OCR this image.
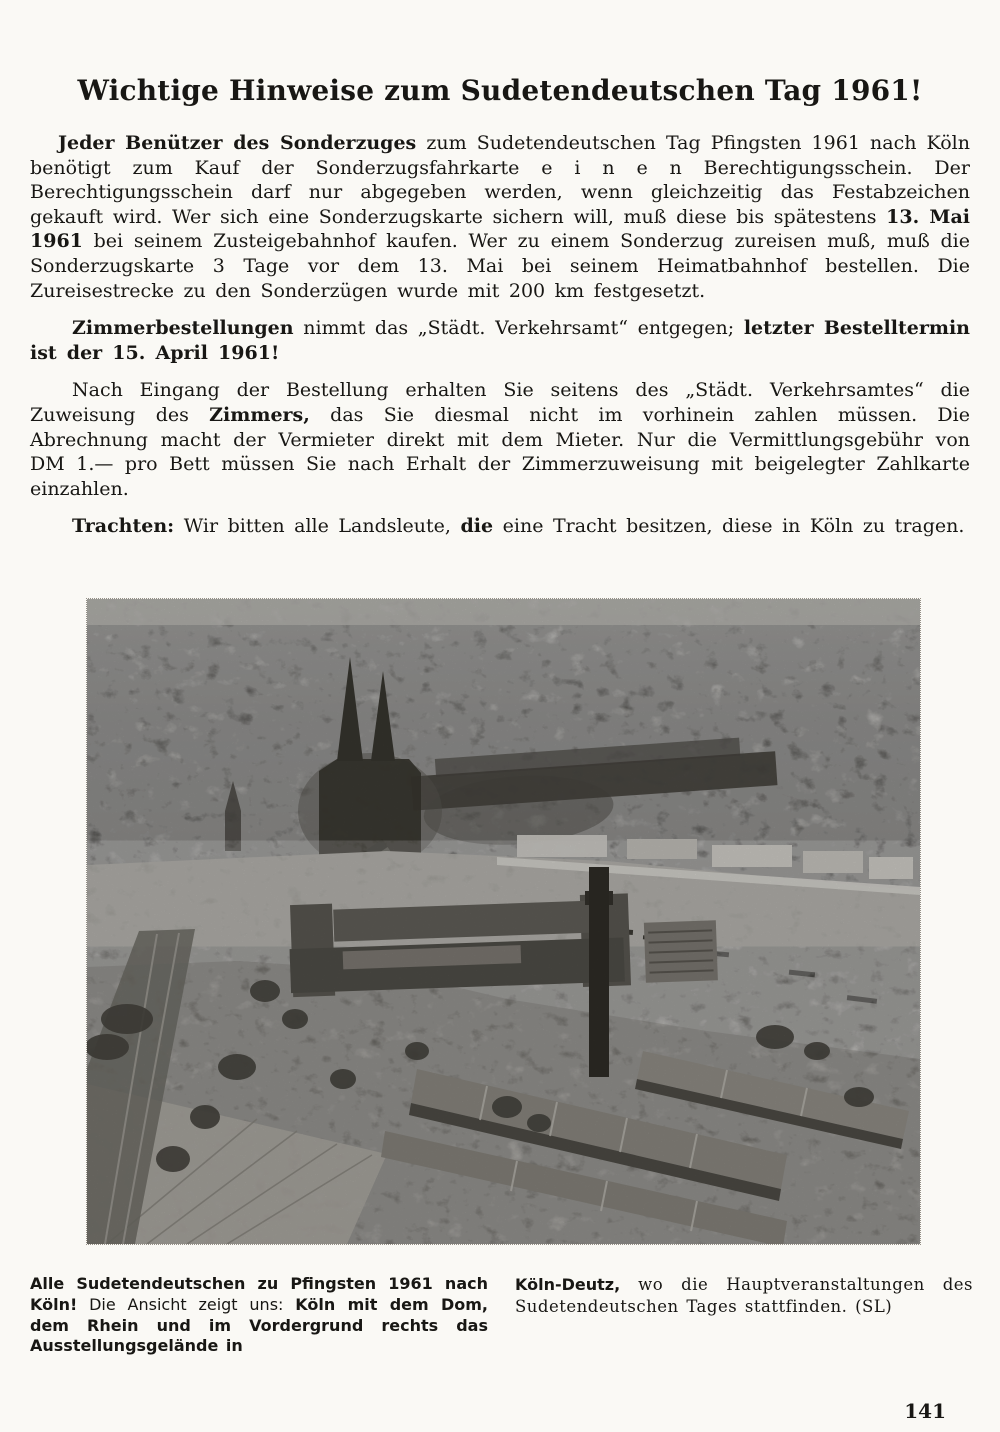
Wichtige Hinweise zum Sudetendeutschen Tag 1961!

Jeder Benützer des Sonderzuges zum Sudetendeutschen Tag Pfingsten 1961 nach Köln benötigt zum Kauf der Sonderzugsfahrkarte e i n e n Berechtigungsschein. Der Berechtigungsschein darf nur abgegeben werden, wenn gleichzeitig das Festabzeichen gekauft wird. Wer sich eine Sonderzugskarte sichern will, muß diese bis spätestens 13. Mai 1961 bei seinem Zusteigebahnhof kaufen. Wer zu einem Sonderzug zureisen muß, muß die Sonderzugskarte 3 Tage vor dem 13. Mai bei seinem Heimatbahnhof bestellen. Die Zureisestrecke zu den Sonderzügen wurde mit 200 km festgesetzt.

Zimmerbestellungen nimmt das „Städt. Verkehrsamt“ entgegen; letzter Bestelltermin ist der 15. April 1961!

Nach Eingang der Bestellung erhalten Sie seitens des „Städt. Verkehrsamtes“ die Zuweisung des Zimmers, das Sie diesmal nicht im vorhinein zahlen müssen. Die Abrechnung macht der Vermieter direkt mit dem Mieter. Nur die Vermittlungsgebühr von DM 1.— pro Bett müssen Sie nach Erhalt der Zimmerzuweisung mit beigelegter Zahlkarte einzahlen.

Trachten: Wir bitten alle Landsleute, die eine Tracht besitzen, diese in Köln zu tragen.

Alle Sudetendeutschen zu Pfingsten 1961 nach Köln! Die Ansicht zeigt uns: Köln mit dem Dom, dem Rhein und im Vordergrund rechts das Ausstellungsgelände in
Köln-Deutz, wo die Hauptveranstaltungen des Sudetendeutschen Tages stattfinden. (SL)
141
